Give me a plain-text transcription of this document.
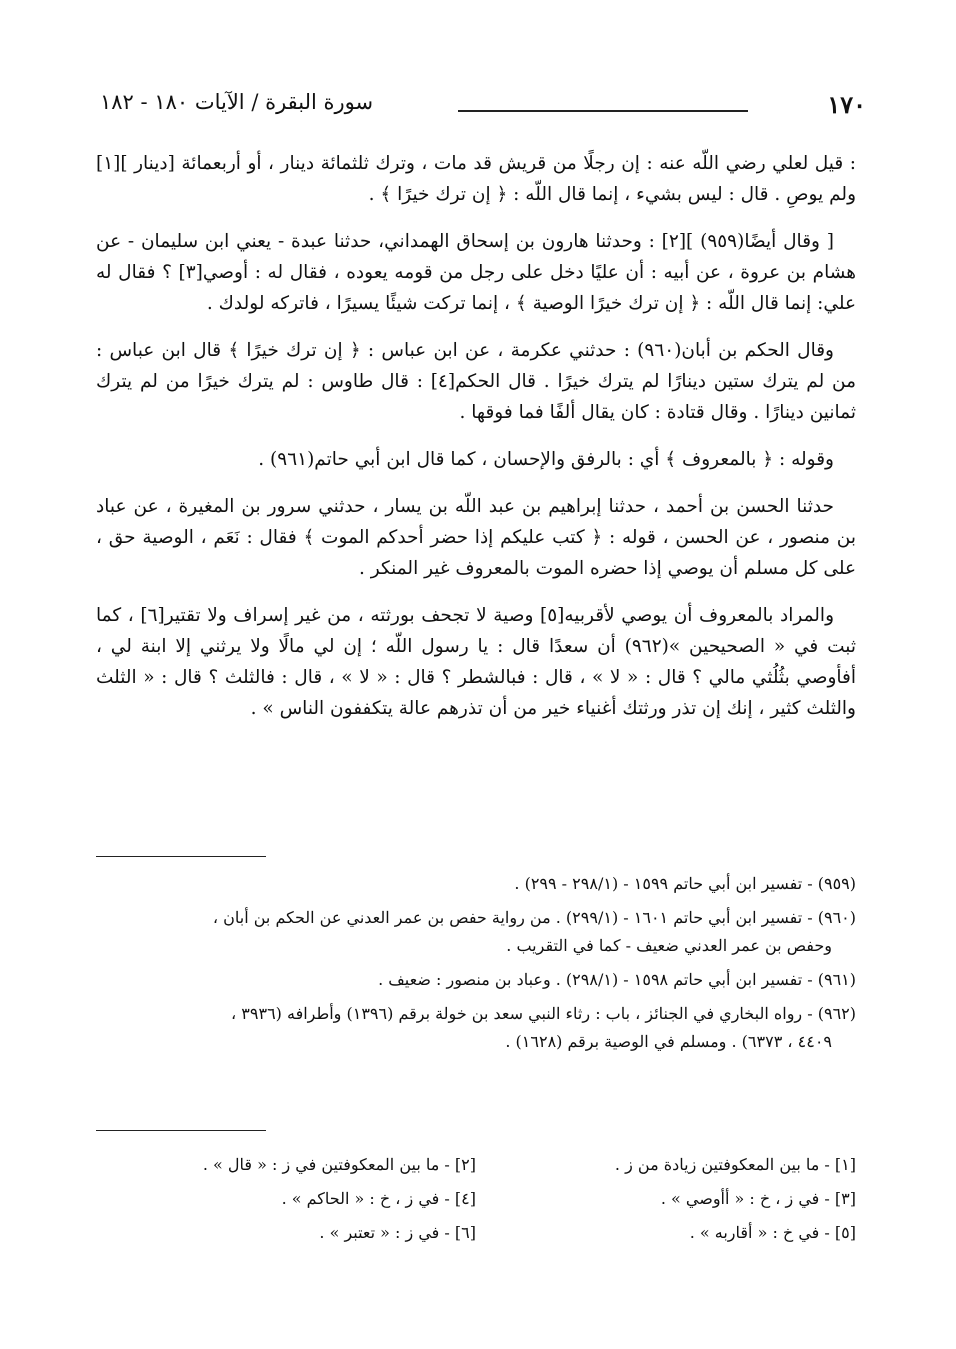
١٧٠
سورة البقرة / الآيات ١٨٠ - ١٨٢

: قيل لعلي رضي اللّه عنه : إن رجلًا من قريش قد مات ، وترك ثلثمائة دينار ، أو أربعمائة [دينار ][١] ولم يوصِ . قال : ليس بشيء ، إنما قال اللّه : ﴿ إن ترك خيرًا ﴾ .

[ وقال أيضًا(٩٥٩) ][٢] : وحدثنا هارون بن إسحاق الهمداني، حدثنا عبدة - يعني ابن سليمان - عن هشام بن عروة ، عن أبيه : أن عليًا دخل على رجل من قومه يعوده ، فقال له : أوصي[٣] ؟ فقال له علي: إنما قال اللّه : ﴿ إن ترك خيرًا الوصية ﴾ ، إنما تركت شيئًا يسيرًا ، فاتركه لولدك .

وقال الحكم بن أبان(٩٦٠) : حدثني عكرمة ، عن ابن عباس : ﴿ إن ترك خيرًا ﴾ قال ابن عباس : من لم يترك ستين دينارًا لم يترك خيرًا . قال الحكم[٤] : قال طاوس : لم يترك خيرًا من لم يترك ثمانين دينارًا . وقال قتادة : كان يقال ألفًا فما فوقها .

وقوله : ﴿ بالمعروف ﴾ أي : بالرفق والإحسان ، كما قال ابن أبي حاتم(٩٦١) .

حدثنا الحسن بن أحمد ، حدثنا إبراهيم بن عبد اللّه بن يسار ، حدثني سرور بن المغيرة ، عن عباد بن منصور ، عن الحسن ، قوله : ﴿ كتب عليكم إذا حضر أحدكم الموت ﴾ فقال : نَعَم ، الوصية حق ، على كل مسلم أن يوصي إذا حضره الموت بالمعروف غير المنكر .

والمراد بالمعروف أن يوصي لأقربيه[٥] وصية لا تجحف بورثته ، من غير إسراف ولا تقتير[٦] ، كما ثبت في « الصحيحين »(٩٦٢) أن سعدًا قال : يا رسول اللّه ؛ إن لي مالًا ولا يرثني إلا ابنة لي ، أفأوصي بثُلُثي مالي ؟ قال : « لا » ، قال : فبالشطر ؟ قال : « لا » ، قال : فالثلث ؟ قال : « الثلث والثلث كثير ، إنك إن تذر ورثتك أغنياء خير من أن تذرهم عالة يتكففون الناس » .

(٩٥٩) - تفسير ابن أبي حاتم ١٥٩٩ - (٢٩٨/١ - ٢٩٩) .

(٩٦٠) - تفسير ابن أبي حاتم ١٦٠١ - (٢٩٩/١) . من رواية حفص بن عمر العدني عن الحكم بن أبان ،

وحفص بن عمر العدني ضعيف - كما في التقريب .

(٩٦١) - تفسير ابن أبي حاتم ١٥٩٨ - (٢٩٨/١) . وعباد بن منصور : ضعيف .

(٩٦٢) - رواه البخاري في الجنائز ، باب : رثاء النبي سعد بن خولة برقم (١٣٩٦) وأطرافه (٣٩٣٦ ،

٤٤٠٩ ، ٦٣٧٣) . ومسلم في الوصية برقم (١٦٢٨) .

[١] - ما بين المعكوفتين زيادة من ز .
[٢] - ما بين المعكوفتين في ز : « قال » .
[٣] - في ز ، خ : « أأوصي » .
[٤] - في ز ، خ : « الحاكم » .
[٥] - في خ : « أقاربه » .
[٦] - في ز : « تعتبر » .
